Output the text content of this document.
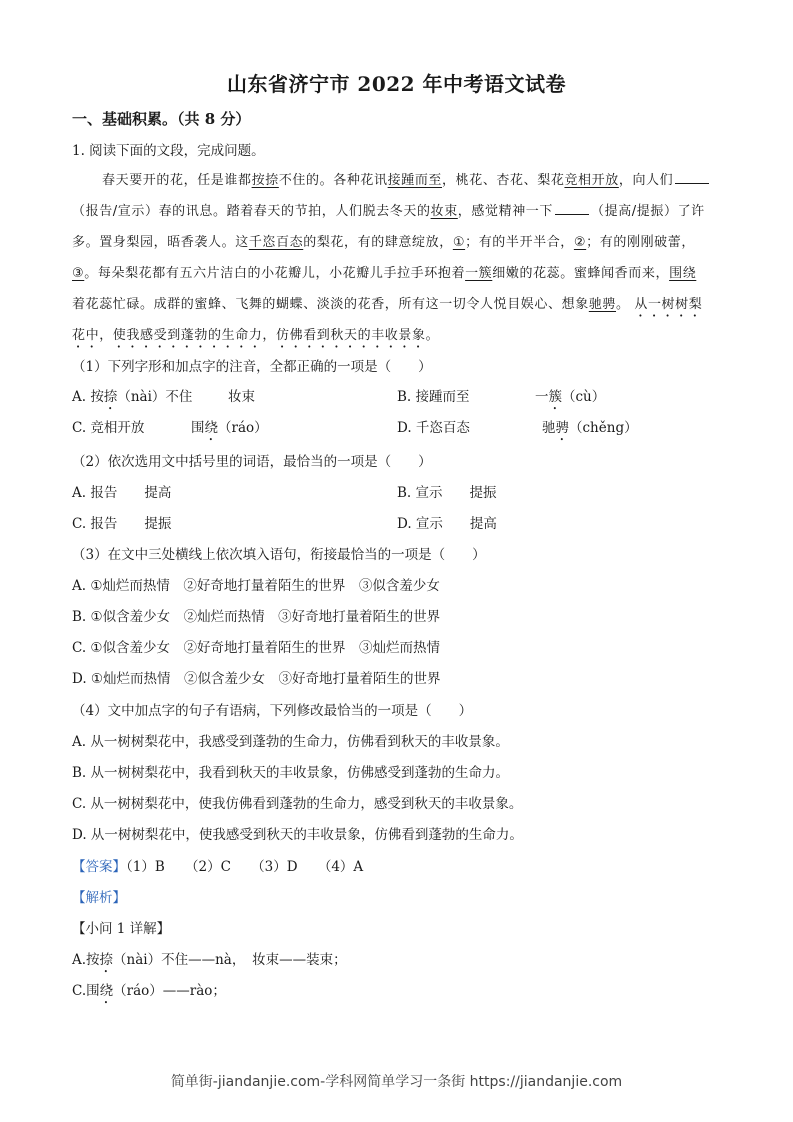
山东省济宁市 2022 年中考语文试卷
一、基础积累。（共 8 分）
1. 阅读下面的文段，完成问题。
春天要开的花，任是谁都按捺不住的。各种花讯接踵而至，桃花、杏花、梨花竞相开放，向人们
（报告/宣示）春的讯息。踏着春天的节拍，人们脱去冬天的妆束，感觉精神一下	（提高/提振）了许
多。置身梨园，晤香袭人。这千恣百态的梨花，有的肆意绽放，①；有的半开半合，②；有的刚刚破蕾，
③。每朵梨花都有五六片洁白的小花瓣儿，小花瓣儿手拉手环抱着一簇细嫩的花蕊。蜜蜂闻香而来，围绕
着花蕊忙碌。成群的蜜蜂、飞舞的蝴蝶、淡淡的花香，所有这一切令人悦目娱心、想象驰骋。 从一树树梨
花中，使我感受到蓬勃的生命力，仿佛看到秋天的丰收景象。
（1）下列字形和加点字的注音，全都正确的一项是（　　）
A. 按捺（nài）不住	妆束	B. 接踵而至	一簇（cù）
C. 竞相开放	围绕（ráo）	D. 千恣百态	驰骋（chěng）
（2）依次选用文中括号里的词语，最恰当的一项是（　　）
A. 报告　　提高	B. 宣示　　提振
C. 报告　　提振	D. 宣示　　提高
（3）在文中三处横线上依次填入语句，衔接最恰当的一项是（　　）
A. ①灿烂而热情　②好奇地打量着陌生的世界　③似含羞少女
B. ①似含羞少女　②灿烂而热情　③好奇地打量着陌生的世界
C. ①似含羞少女　②好奇地打量着陌生的世界　③灿烂而热情
D. ①灿烂而热情　②似含羞少女　③好奇地打量着陌生的世界
（4）文中加点字的句子有语病，下列修改最恰当的一项是（　　）
A. 从一树树梨花中，我感受到蓬勃的生命力，仿佛看到秋天的丰收景象。
B. 从一树树梨花中，我看到秋天的丰收景象，仿佛感受到蓬勃的生命力。
C. 从一树树梨花中，使我仿佛看到蓬勃的生命力，感受到秋天的丰收景象。
D. 从一树树梨花中，使我感受到秋天的丰收景象，仿佛看到蓬勃的生命力。
【答案】（1）B　　（2）C　　（3）D　　（4）A
【解析】
【小问 1 详解】
A.按捺（nài）不住——nà，　妆束——装束；
C.围绕（ráo）——rào；
简单街-jiandanjie.com-学科网简单学习一条街 https://jiandanjie.com
